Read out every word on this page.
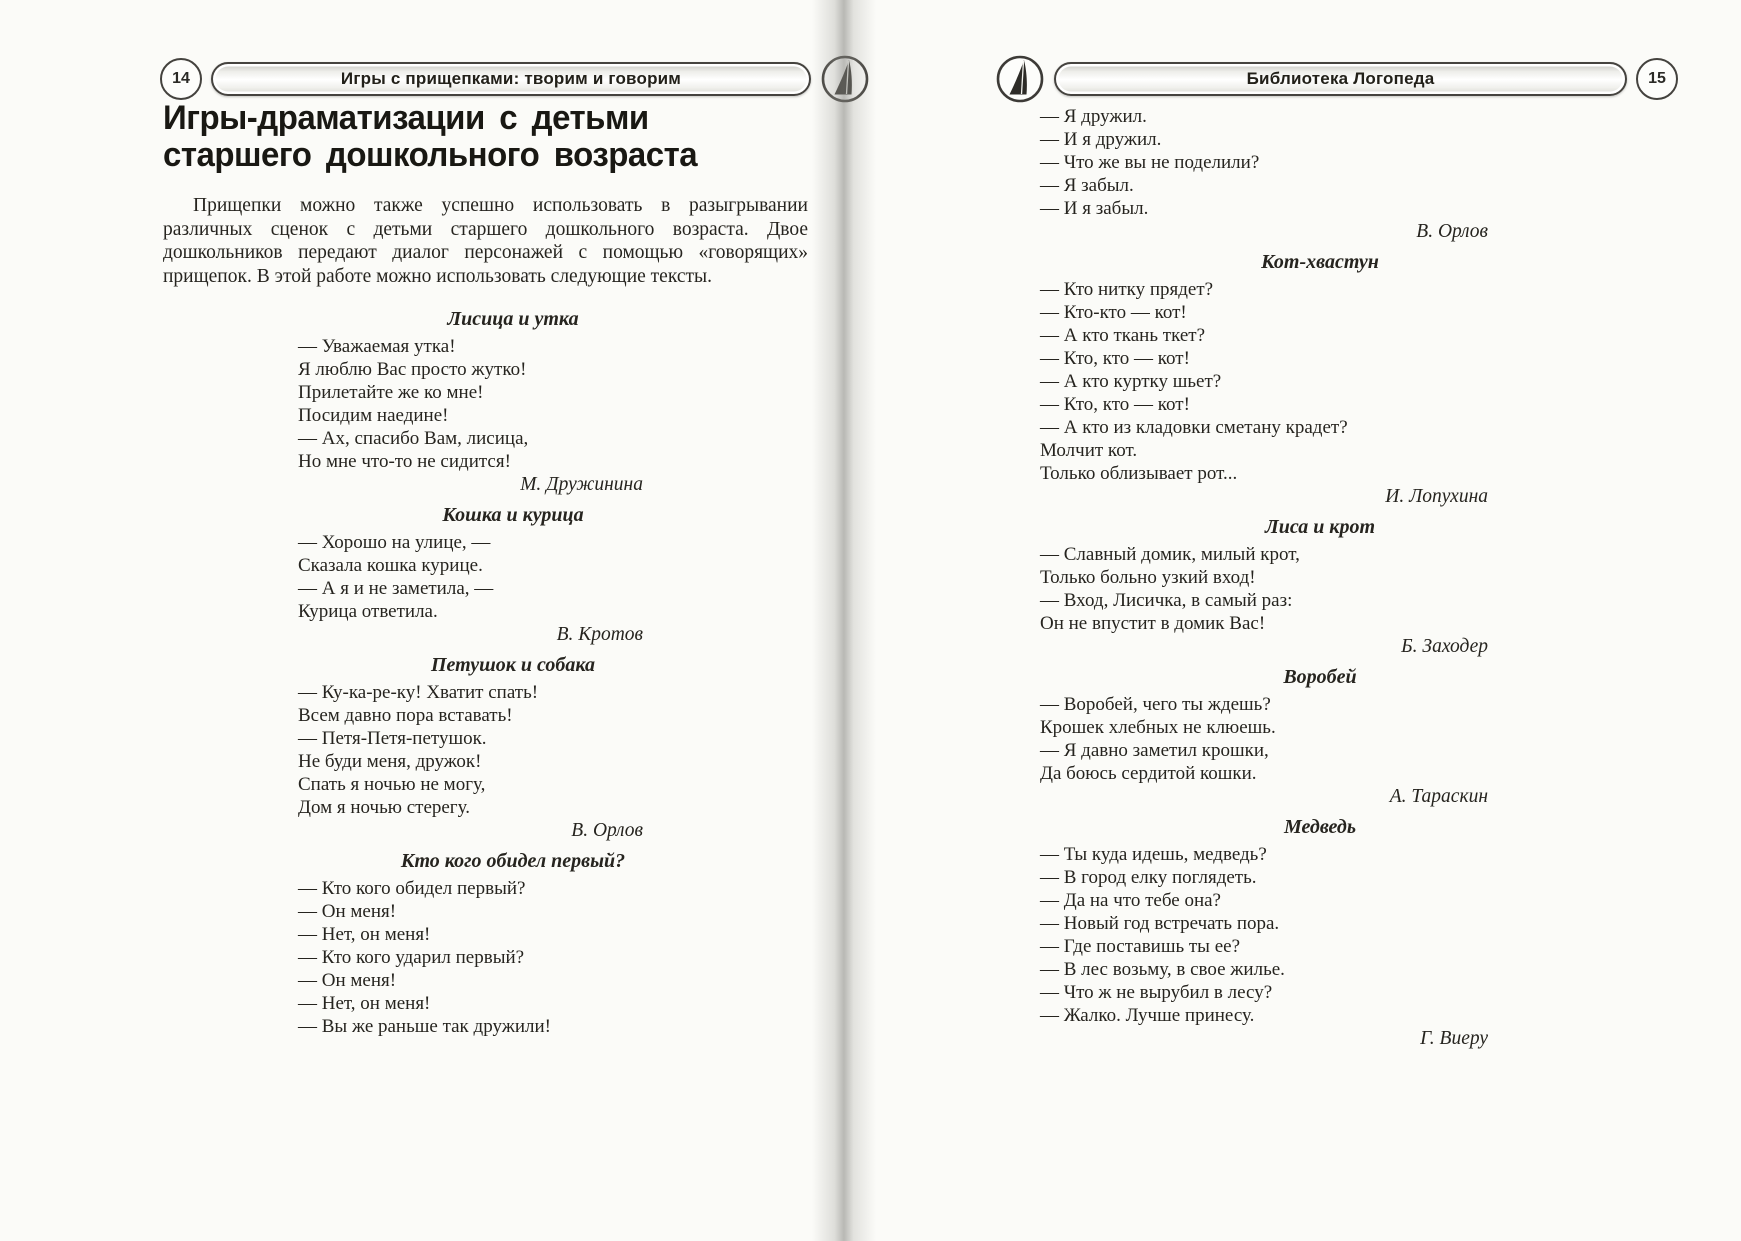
14	Игры с прищепками: творим и говорим	Библиотека Логопеда	15
Игры-драматизации с детьми
старшего дошкольного возраста

Прищепки можно также успешно использовать в разыгрывании различных сценок с детьми старшего дошкольного возраста. Двое дошкольников передают диалог персонажей с помощью «говорящих» прищепок. В этой работе можно использовать следующие тексты.

Лисица и утка
— Уважаемая утка!
Я люблю Вас просто жутко!
Прилетайте же ко мне!
Посидим наедине!
— Ах, спасибо Вам, лисица,
Но мне что-то не сидится!
М. Дружинина
Кошка и курица
— Хорошо на улице, —
Сказала кошка курице.
— А я и не заметила, —
Курица ответила.
В. Кротов
Петушок и собака
— Ку-ка-ре-ку! Хватит спать!
Всем давно пора вставать!
— Петя-Петя-петушок.
Не буди меня, дружок!
Спать я ночью не могу,
Дом я ночью стерегу.
В. Орлов
Кто кого обидел первый?
— Кто кого обидел первый?
— Он меня!
— Нет, он меня!
— Кто кого ударил первый?
— Он меня!
— Нет, он меня!
— Вы же раньше так дружили!
— Я дружил.
— И я дружил.
— Что же вы не поделили?
— Я забыл.
— И я забыл.
В. Орлов
Кот-хвастун
— Кто нитку прядет?
— Кто-кто — кот!
— А кто ткань ткет?
— Кто, кто — кот!
— А кто куртку шьет?
— Кто, кто — кот!
— А кто из кладовки сметану крадет?
Молчит кот.
Только облизывает рот...
И. Лопухина
Лиса и крот
— Славный домик, милый крот,
Только больно узкий вход!
— Вход, Лисичка, в самый раз:
Он не впустит в домик Вас!
Б. Заходер
Воробей
— Воробей, чего ты ждешь?
Крошек хлебных не клюешь.
— Я давно заметил крошки,
Да боюсь сердитой кошки.
А. Тараскин
Медведь
— Ты куда идешь, медведь?
— В город елку поглядеть.
— Да на что тебе она?
— Новый год встречать пора.
— Где поставишь ты ее?
— В лес возьму, в свое жилье.
— Что ж не вырубил в лесу?
— Жалко. Лучше принесу.
Г. Виеру
